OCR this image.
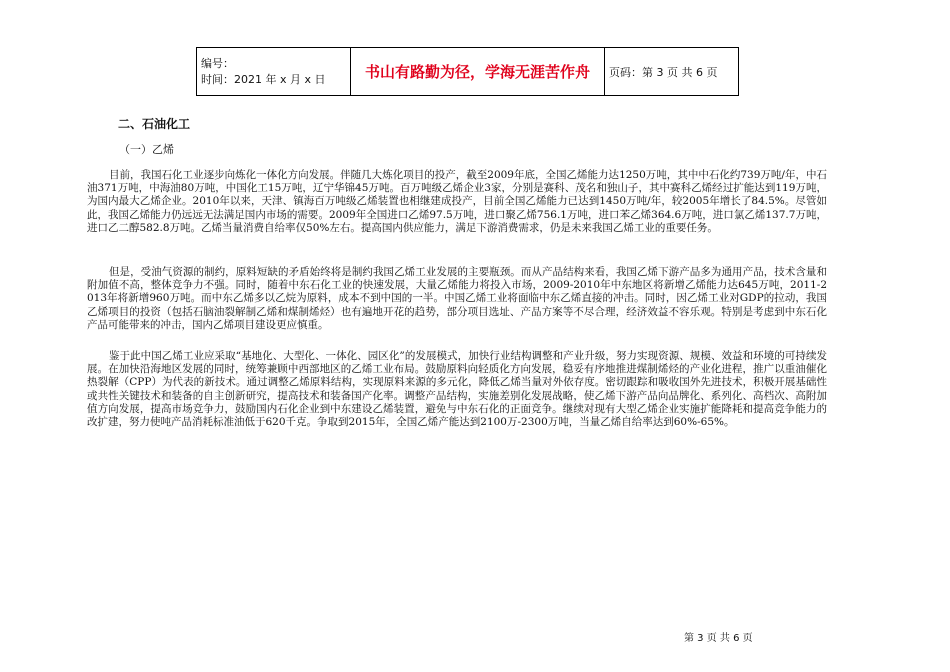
编号：
时间：2021 年 x 月 x 日	书山有路勤为径，学海无涯苦作舟	页码：第 3 页 共 6 页
二、石油化工
（一）乙烯

目前，我国石化工业逐步向炼化一体化方向发展。伴随几大炼化项目的投产，截至2009年底，全国乙烯能力达1250万吨，其中中石化约739万吨/年，中石油371万吨，中海油80万吨，中国化工15万吨，辽宁华锦45万吨。百万吨级乙烯企业3家，分别是赛科、茂名和独山子，其中赛科乙烯经过扩能达到119万吨，为国内最大乙烯企业。2010年以来，天津、镇海百万吨级乙烯装置也相继建成投产，目前全国乙烯能力已达到1450万吨/年，较2005年增长了84.5%。尽管如此，我国乙烯能力仍远远无法满足国内市场的需要。2009年全国进口乙烯97.5万吨，进口聚乙烯756.1万吨，进口苯乙烯364.6万吨，进口氯乙烯137.7万吨，进口乙二醇582.8万吨。乙烯当量消费自给率仅50%左右。提高国内供应能力，满足下游消费需求，仍是未来我国乙烯工业的重要任务。

但是，受油气资源的制约，原料短缺的矛盾始终将是制约我国乙烯工业发展的主要瓶颈。而从产品结构来看，我国乙烯下游产品多为通用产品，技术含量和附加值不高，整体竞争力不强。同时，随着中东石化工业的快速发展，大量乙烯能力将投入市场，2009-2010年中东地区将新增乙烯能力达645万吨，2011-2013年将新增960万吨。而中东乙烯多以乙烷为原料，成本不到中国的一半。中国乙烯工业将面临中东乙烯直接的冲击。同时，因乙烯工业对GDP的拉动，我国乙烯项目的投资（包括石脑油裂解制乙烯和煤制烯烃）也有遍地开花的趋势，部分项目选址、产品方案等不尽合理，经济效益不容乐观。特别是考虑到中东石化产品可能带来的冲击，国内乙烯项目建设更应慎重。

鉴于此中国乙烯工业应采取“基地化、大型化、一体化、园区化”的发展模式，加快行业结构调整和产业升级，努力实现资源、规模、效益和环境的可持续发展。在加快沿海地区发展的同时，统筹兼顾中西部地区的乙烯工业布局。鼓励原料向轻质化方向发展，稳妥有序地推进煤制烯烃的产业化进程，推广以重油催化热裂解（CPP）为代表的新技术。通过调整乙烯原料结构，实现原料来源的多元化，降低乙烯当量对外依存度。密切跟踪和吸收国外先进技术，积极开展基础性或共性关键技术和装备的自主创新研究，提高技术和装备国产化率。调整产品结构，实施差别化发展战略，使乙烯下游产品向品牌化、系列化、高档次、高附加值方向发展，提高市场竞争力，鼓励国内石化企业到中东建设乙烯装置，避免与中东石化的正面竞争。继续对现有大型乙烯企业实施扩能降耗和提高竞争能力的改扩建，努力使吨产品消耗标准油低于620千克。争取到2015年，全国乙烯产能达到2100万-2300万吨，当量乙烯自给率达到60%-65%。

第 3 页 共 6 页
